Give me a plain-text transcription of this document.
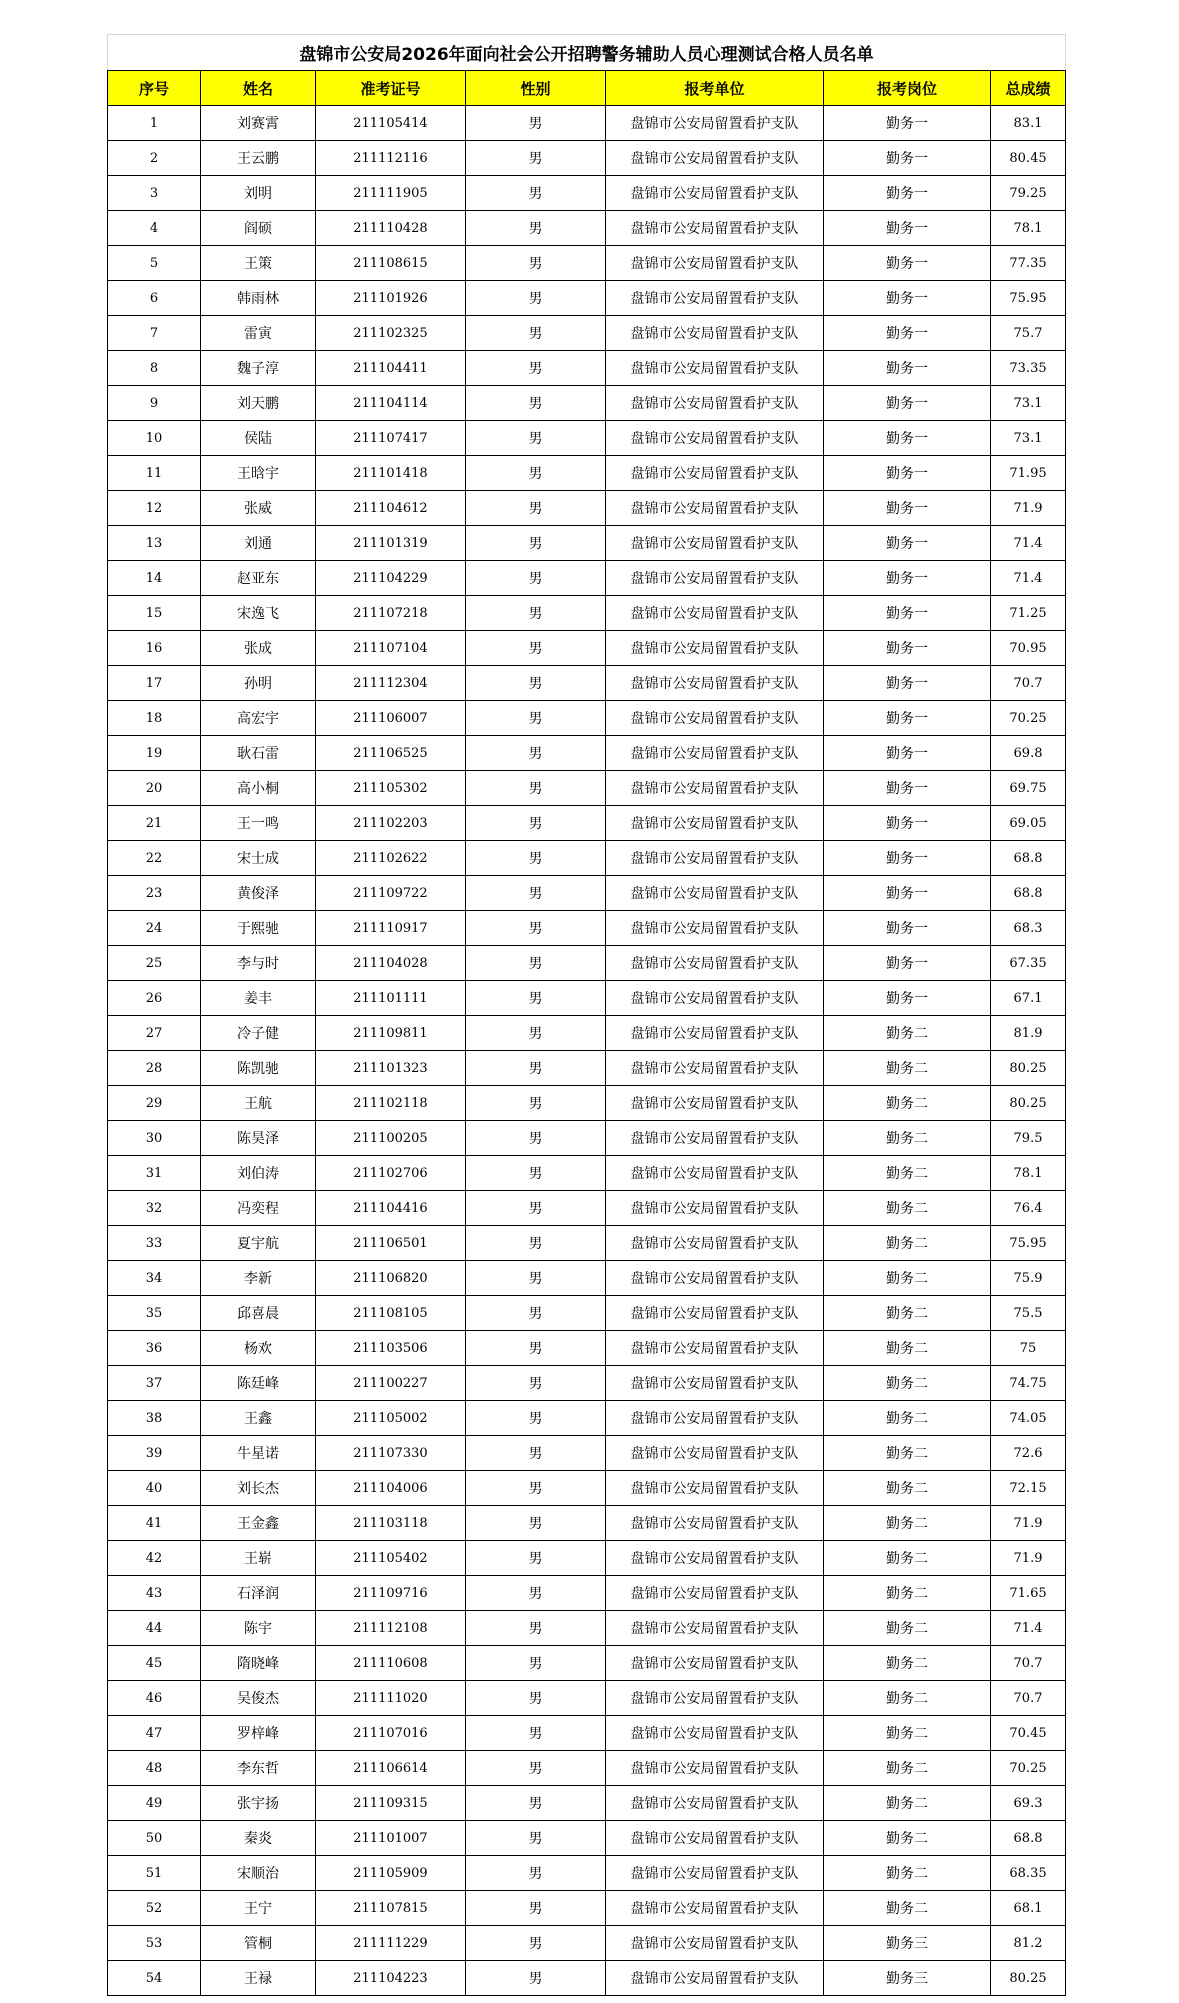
盘锦市公安局2026年面向社会公开招聘警务辅助人员心理测试合格人员名单						
序号	姓名	准考证号	性别	报考单位	报考岗位	总成绩
1	刘赛霄	211105414	男	盘锦市公安局留置看护支队	勤务一	83.1
2	王云鹏	211112116	男	盘锦市公安局留置看护支队	勤务一	80.45
3	刘明	211111905	男	盘锦市公安局留置看护支队	勤务一	79.25
4	阎硕	211110428	男	盘锦市公安局留置看护支队	勤务一	78.1
5	王策	211108615	男	盘锦市公安局留置看护支队	勤务一	77.35
6	韩雨林	211101926	男	盘锦市公安局留置看护支队	勤务一	75.95
7	雷寅	211102325	男	盘锦市公安局留置看护支队	勤务一	75.7
8	魏子淳	211104411	男	盘锦市公安局留置看护支队	勤务一	73.35
9	刘天鹏	211104114	男	盘锦市公安局留置看护支队	勤务一	73.1
10	侯陆	211107417	男	盘锦市公安局留置看护支队	勤务一	73.1
11	王晗宇	211101418	男	盘锦市公安局留置看护支队	勤务一	71.95
12	张威	211104612	男	盘锦市公安局留置看护支队	勤务一	71.9
13	刘通	211101319	男	盘锦市公安局留置看护支队	勤务一	71.4
14	赵亚东	211104229	男	盘锦市公安局留置看护支队	勤务一	71.4
15	宋逸飞	211107218	男	盘锦市公安局留置看护支队	勤务一	71.25
16	张成	211107104	男	盘锦市公安局留置看护支队	勤务一	70.95
17	孙明	211112304	男	盘锦市公安局留置看护支队	勤务一	70.7
18	高宏宇	211106007	男	盘锦市公安局留置看护支队	勤务一	70.25
19	耿石雷	211106525	男	盘锦市公安局留置看护支队	勤务一	69.8
20	高小桐	211105302	男	盘锦市公安局留置看护支队	勤务一	69.75
21	王一鸣	211102203	男	盘锦市公安局留置看护支队	勤务一	69.05
22	宋士成	211102622	男	盘锦市公安局留置看护支队	勤务一	68.8
23	黄俊泽	211109722	男	盘锦市公安局留置看护支队	勤务一	68.8
24	于熙驰	211110917	男	盘锦市公安局留置看护支队	勤务一	68.3
25	李与时	211104028	男	盘锦市公安局留置看护支队	勤务一	67.35
26	姜丰	211101111	男	盘锦市公安局留置看护支队	勤务一	67.1
27	冷子健	211109811	男	盘锦市公安局留置看护支队	勤务二	81.9
28	陈凯驰	211101323	男	盘锦市公安局留置看护支队	勤务二	80.25
29	王航	211102118	男	盘锦市公安局留置看护支队	勤务二	80.25
30	陈昊泽	211100205	男	盘锦市公安局留置看护支队	勤务二	79.5
31	刘伯涛	211102706	男	盘锦市公安局留置看护支队	勤务二	78.1
32	冯奕程	211104416	男	盘锦市公安局留置看护支队	勤务二	76.4
33	夏宇航	211106501	男	盘锦市公安局留置看护支队	勤务二	75.95
34	李新	211106820	男	盘锦市公安局留置看护支队	勤务二	75.9
35	邱喜晨	211108105	男	盘锦市公安局留置看护支队	勤务二	75.5
36	杨欢	211103506	男	盘锦市公安局留置看护支队	勤务二	75
37	陈廷峰	211100227	男	盘锦市公安局留置看护支队	勤务二	74.75
38	王鑫	211105002	男	盘锦市公安局留置看护支队	勤务二	74.05
39	牛星诺	211107330	男	盘锦市公安局留置看护支队	勤务二	72.6
40	刘长杰	211104006	男	盘锦市公安局留置看护支队	勤务二	72.15
41	王金鑫	211103118	男	盘锦市公安局留置看护支队	勤务二	71.9
42	王崭	211105402	男	盘锦市公安局留置看护支队	勤务二	71.9
43	石泽润	211109716	男	盘锦市公安局留置看护支队	勤务二	71.65
44	陈宇	211112108	男	盘锦市公安局留置看护支队	勤务二	71.4
45	隋晓峰	211110608	男	盘锦市公安局留置看护支队	勤务二	70.7
46	吴俊杰	211111020	男	盘锦市公安局留置看护支队	勤务二	70.7
47	罗梓峰	211107016	男	盘锦市公安局留置看护支队	勤务二	70.45
48	李东哲	211106614	男	盘锦市公安局留置看护支队	勤务二	70.25
49	张宇扬	211109315	男	盘锦市公安局留置看护支队	勤务二	69.3
50	秦炎	211101007	男	盘锦市公安局留置看护支队	勤务二	68.8
51	宋顺治	211105909	男	盘锦市公安局留置看护支队	勤务二	68.35
52	王宁	211107815	男	盘锦市公安局留置看护支队	勤务二	68.1
53	管桐	211111229	男	盘锦市公安局留置看护支队	勤务三	81.2
54	王禄	211104223	男	盘锦市公安局留置看护支队	勤务三	80.25
